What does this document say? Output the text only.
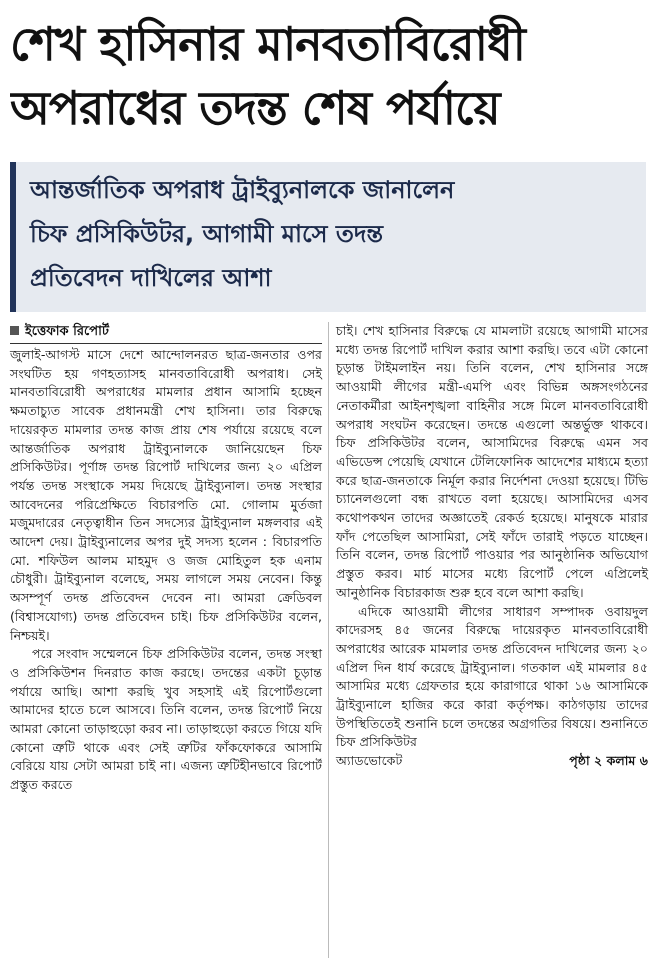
শেখ হাসিনার মানবতাবিরোধী
অপরাধের তদন্ত শেষ পর্যায়ে
আন্তর্জাতিক অপরাধ ট্রাইব্যুনালকে জানালেন
চিফ প্রসিকিউটর, আগামী মাসে তদন্ত
প্রতিবেদন দাখিলের আশা
ইত্তেফাক রিপোর্ট

জুলাই-আগস্ট মাসে দেশে আন্দোলনরত ছাত্র-জনতার ওপর সংঘটিত হয় গণহত্যাসহ মানবতাবিরোধী অপরাধ। সেই মানবতাবিরোধী অপরাধের মামলার প্রধান আসামি হচ্ছেন ক্ষমতাচ্যুত সাবেক প্রধানমন্ত্রী শেখ হাসিনা। তার বিরুদ্ধে দায়েরকৃত মামলার তদন্ত কাজ প্রায় শেষ পর্যায়ে রয়েছে বলে আন্তর্জাতিক অপরাধ ট্রাইব্যুনালকে জানিয়েছেন চিফ প্রসিকিউটর। পূর্ণাঙ্গ তদন্ত রিপোর্ট দাখিলের জন্য ২০ এপ্রিল পর্যন্ত তদন্ত সংস্থাকে সময় দিয়েছে ট্রাইব্যুনাল। তদন্ত সংস্থার আবেদনের পরিপ্রেক্ষিতে বিচারপতি মো. গোলাম মুর্তজা মজুমদারের নেতৃত্বাধীন তিন সদস্যের ট্রাইব্যুনাল মঙ্গলবার এই আদেশ দেয়। ট্রাইব্যুনালের অপর দুই সদস্য হলেন : বিচারপতি মো. শফিউল আলম মাহমুদ ও জজ মোহিতুল হক এনাম চৌধুরী। ট্রাইব্যুনাল বলেছে, সময় লাগলে সময় নেবেন। কিন্তু অসম্পূর্ণ তদন্ত প্রতিবেদন দেবেন না। আমরা ক্রেডিবল (বিশ্বাসযোগ্য) তদন্ত প্রতিবেদন চাই। চিফ প্রসিকিউটর বলেন, নিশ্চয়ই।

পরে সংবাদ সম্মেলনে চিফ প্রসিকিউটর বলেন, তদন্ত সংস্থা ও প্রসিকিউশন দিনরাত কাজ করছে। তদন্তের একটা চূড়ান্ত পর্যায়ে আছি। আশা করছি খুব সহসাই এই রিপোর্টগুলো আমাদের হাতে চলে আসবে। তিনি বলেন, তদন্ত রিপোর্ট নিয়ে আমরা কোনো তাড়াহুড়ো করব না। তাড়াহুড়ো করতে গিয়ে যদি কোনো ত্রুটি থাকে এবং সেই ত্রুটির ফাঁকফোকরে আসামি বেরিয়ে যায় সেটা আমরা চাই না। এজন্য ত্রুটিহীনভাবে রিপোর্ট প্রস্তুত করতে

চাই। শেখ হাসিনার বিরুদ্ধে যে মামলাটা রয়েছে আগামী মাসের মধ্যে তদন্ত রিপোর্ট দাখিল করার আশা করছি। তবে এটা কোনো চূড়ান্ত টাইমলাইন নয়। তিনি বলেন, শেখ হাসিনার সঙ্গে আওয়ামী লীগের মন্ত্রী-এমপি এবং বিভিন্ন অঙ্গসংগঠনের নেতাকর্মীরা আইনশৃঙ্খলা বাহিনীর সঙ্গে মিলে মানবতাবিরোধী অপরাধ সংঘটন করেছেন। তদন্তে এগুলো অন্তর্ভুক্ত থাকবে। চিফ প্রসিকিউটর বলেন, আসামিদের বিরুদ্ধে এমন সব এভিডেন্স পেয়েছি যেখানে টেলিফোনিক আদেশের মাধ্যমে হত্যা করে ছাত্র-জনতাকে নির্মূল করার নির্দেশনা দেওয়া হয়েছে। টিভি চ্যানেলগুলো বন্ধ রাখতে বলা হয়েছে। আসামিদের এসব কথোপকথন তাদের অজ্ঞাতেই রেকর্ড হয়েছে। মানুষকে মারার ফাঁদ পেতেছিল আসামিরা, সেই ফাঁদে তারাই পড়তে যাচ্ছেন। তিনি বলেন, তদন্ত রিপোর্ট পাওয়ার পর আনুষ্ঠানিক অভিযোগ প্রস্তুত করব। মার্চ মাসের মধ্যে রিপোর্ট পেলে এপ্রিলেই আনুষ্ঠানিক বিচারকাজ শুরু হবে বলে আশা করছি।

এদিকে আওয়ামী লীগের সাধারণ সম্পাদক ওবায়দুল কাদেরসহ ৪৫ জনের বিরুদ্ধে দায়েরকৃত মানবতাবিরোধী অপরাধের আরেক মামলার তদন্ত প্রতিবেদন দাখিলের জন্য ২০ এপ্রিল দিন ধার্য করেছে ট্রাইব্যুনাল। গতকাল এই মামলার ৪৫ আসামির মধ্যে গ্রেফতার হয়ে কারাগারে থাকা ১৬ আসামিকে ট্রাইব্যুনালে হাজির করে কারা কর্তৃপক্ষ। কাঠগড়ায় তাদের উপস্থিতিতেই শুনানি চলে তদন্তের অগ্রগতির বিষয়ে। শুনানিতে চিফ প্রসিকিউটর

অ্যাডভোকেট	পৃষ্ঠা ২ কলাম ৬
